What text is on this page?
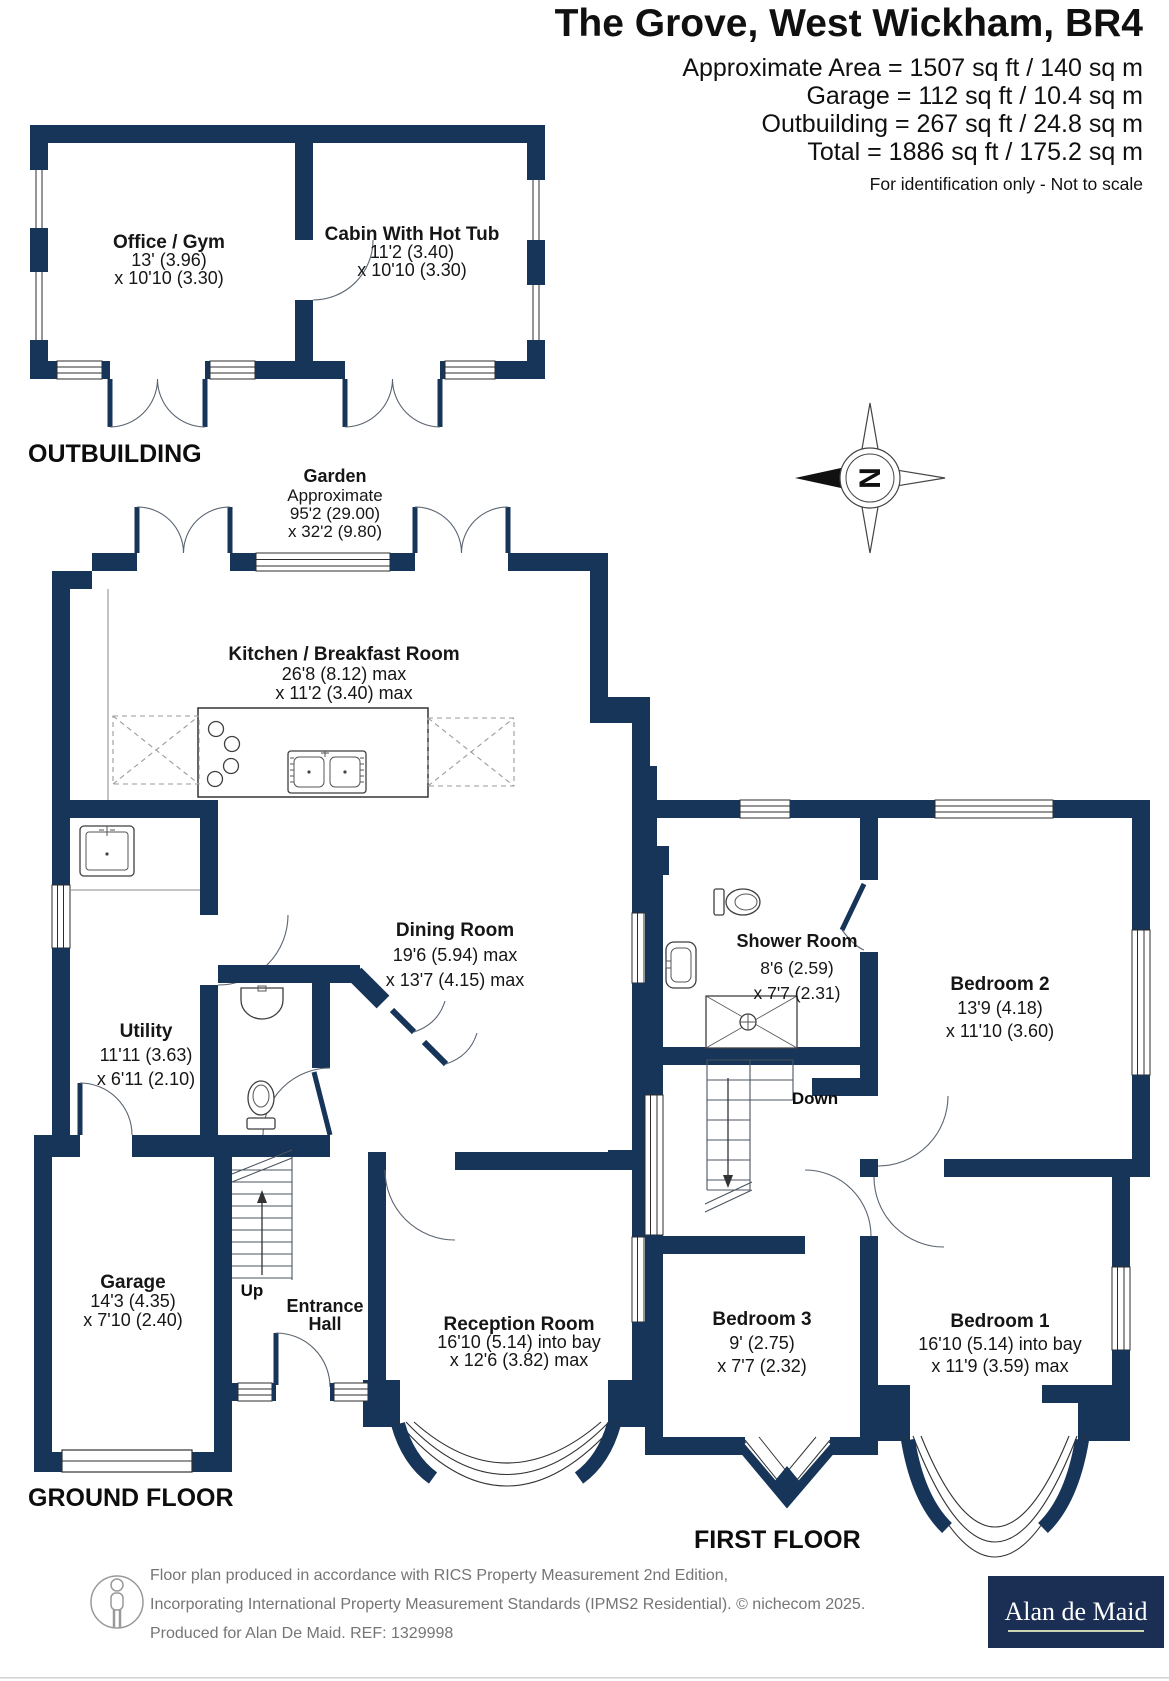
The Grove, West Wickham, BR4
Approximate Area = 1507 sq ft / 140 sq m
Garage = 112 sq ft / 10.4 sq m
Outbuilding = 267 sq ft / 24.8 sq m
Total = 1886 sq ft / 175.2 sq m
For identification only - Not to scale
Office / Gym
13' (3.96)
x 10'10 (3.30)
Cabin With Hot Tub
11'2 (3.40)
x 10'10 (3.30)
OUTBUILDING
Garden
Approximate
95'2 (29.00)
x 32'2 (9.80)
N
Kitchen / Breakfast Room
26'8 (8.12) max
x 11'2 (3.40) max
Dining Room
19'6 (5.94) max
x 13'7 (4.15) max
Utility
11'11 (3.63)
x 6'11 (2.10)
Garage
14'3 (4.35)
x 7'10 (2.40)
Up
Entrance
Hall	Reception Room
16'10 (5.14) into bay
x 12'6 (3.82) max
GROUND FLOOR
Shower Room
8'6 (2.59)
x 7'7 (2.31)	Bedroom 2
13'9 (4.18)
x 11'10 (3.60)
Down
Bedroom 3
9' (2.75)
x 7'7 (2.32)
Bedroom 1
16'10 (5.14) into bay
x 11'9 (3.59) max
FIRST FLOOR
Floor plan produced in accordance with RICS Property Measurement 2nd Edition,
Incorporating International Property Measurement Standards (IPMS2 Residential). © nichecom 2025.
Produced for Alan De Maid. REF: 1329998
Alan de Maid
